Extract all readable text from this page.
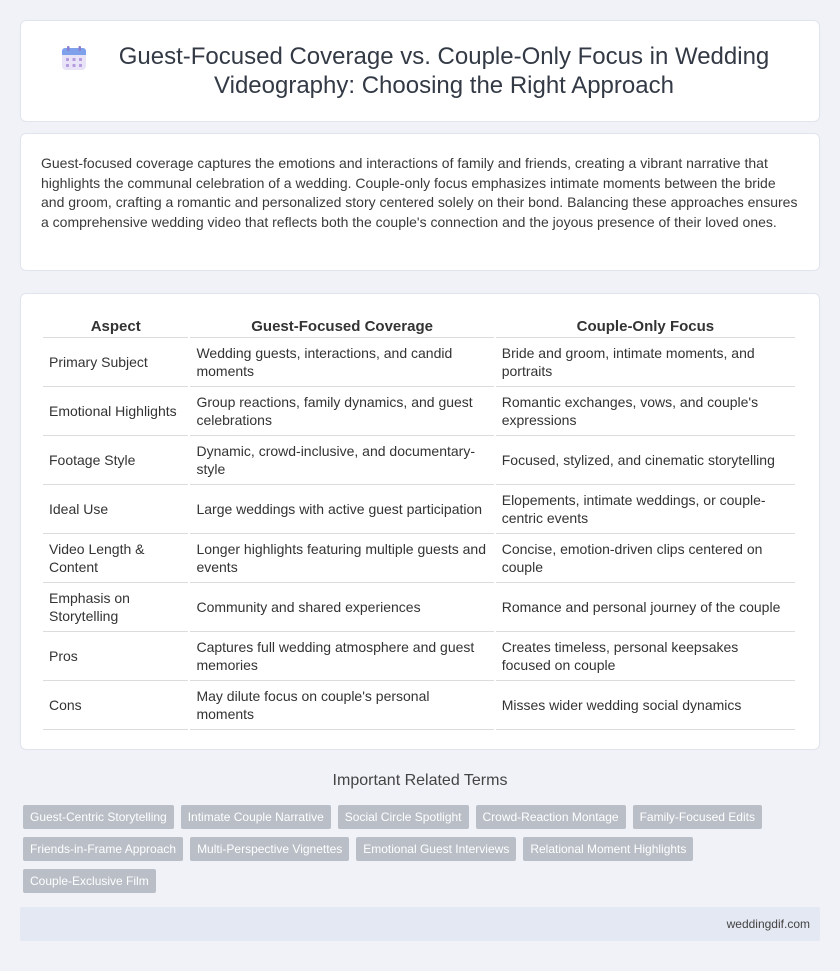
Guest-Focused Coverage vs. Couple-Only Focus in Wedding Videography: Choosing the Right Approach

Guest-focused coverage captures the emotions and interactions of family and friends, creating a vibrant narrative that highlights the communal celebration of a wedding. Couple-only focus emphasizes intimate moments between the bride and groom, crafting a romantic and personalized story centered solely on their bond. Balancing these approaches ensures a comprehensive wedding video that reflects both the couple's connection and the joyous presence of their loved ones.

Aspect	Guest-Focused Coverage	Couple-Only Focus
Primary Subject	Wedding guests, interactions, and candid moments	Bride and groom, intimate moments, and portraits
Emotional Highlights	Group reactions, family dynamics, and guest celebrations	Romantic exchanges, vows, and couple's expressions
Footage Style	Dynamic, crowd-inclusive, and documentary-style	Focused, stylized, and cinematic storytelling
Ideal Use	Large weddings with active guest participation	Elopements, intimate weddings, or couple-centric events
Video Length & Content	Longer highlights featuring multiple guests and events	Concise, emotion-driven clips centered on couple
Emphasis on Storytelling	Community and shared experiences	Romance and personal journey of the couple
Pros	Captures full wedding atmosphere and guest memories	Creates timeless, personal keepsakes focused on couple
Cons	May dilute focus on couple's personal moments	Misses wider wedding social dynamics
Important Related Terms
Guest-Centric Storytelling	Intimate Couple Narrative	Social Circle Spotlight	Crowd-Reaction Montage	Family-Focused Edits
Friends-in-Frame Approach	Multi-Perspective Vignettes	Emotional Guest Interviews	Relational Moment Highlights
Couple-Exclusive Film
weddingdif.com
